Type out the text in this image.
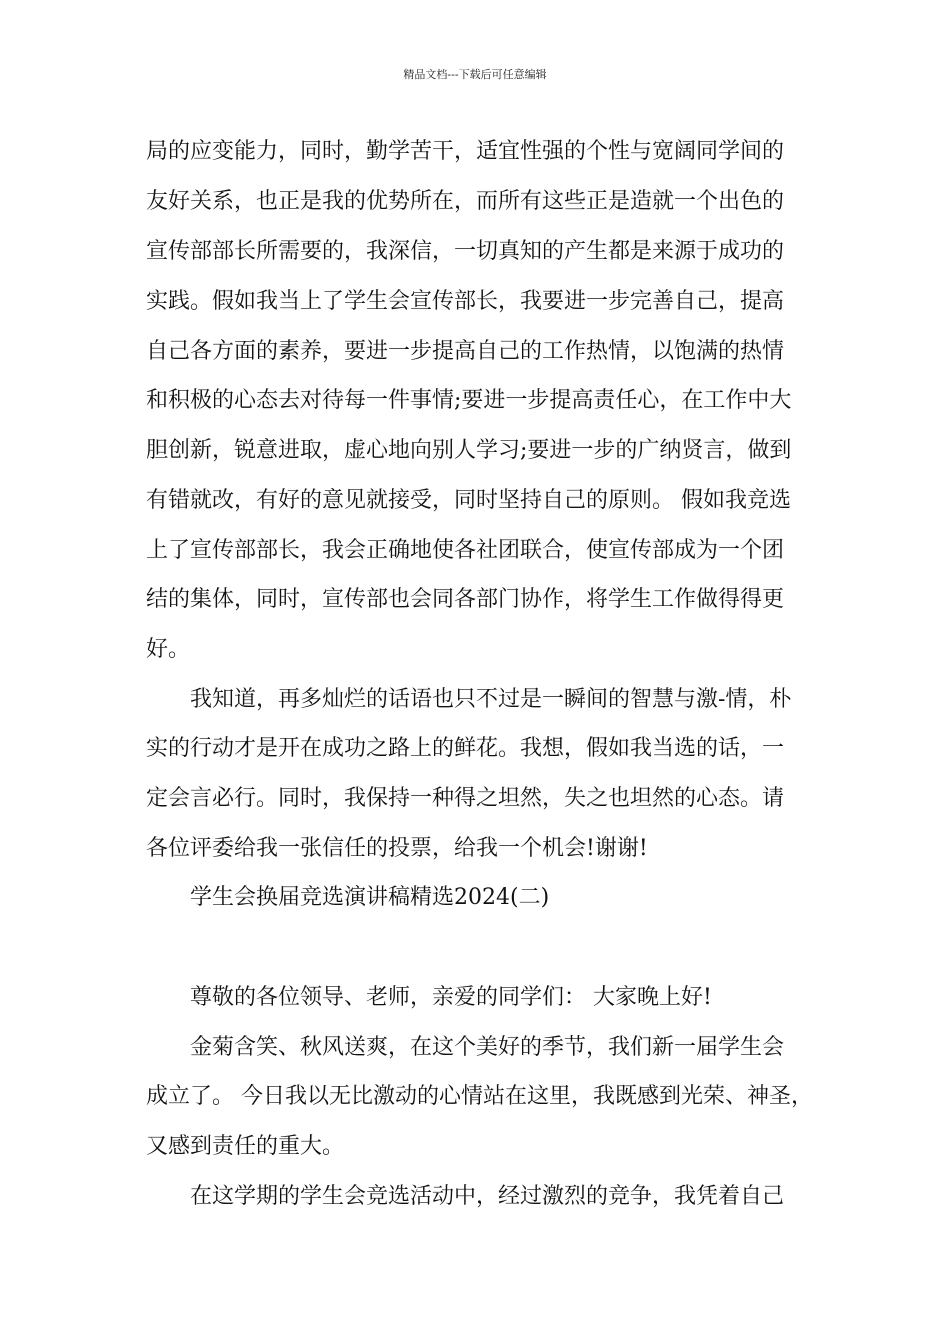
精品文档---下载后可任意编辑
局的应变能力，同时，勤学苦干，适宜性强的个性与宽阔同学间的
友好关系，也正是我的优势所在，而所有这些正是造就一个出色的
宣传部部长所需要的，我深信，一切真知的产生都是来源于成功的
实践。假如我当上了学生会宣传部长，我要进一步完善自己，提高
自己各方面的素养，要进一步提高自己的工作热情，以饱满的热情
和积极的心态去对待每一件事情;要进一步提高责任心，在工作中大
胆创新，锐意进取，虚心地向别人学习;要进一步的广纳贤言，做到
有错就改，有好的意见就接受，同时坚持自己的原则。 假如我竞选
上了宣传部部长，我会正确地使各社团联合，使宣传部成为一个团
结的集体，同时，宣传部也会同各部门协作，将学生工作做得得更
好。
我知道，再多灿烂的话语也只不过是一瞬间的智慧与激-情，朴
实的行动才是开在成功之路上的鲜花。我想，假如我当选的话，一
定会言必行。同时，我保持一种得之坦然，失之也坦然的心态。请
各位评委给我一张信任的投票，给我一个机会!谢谢!
学生会换届竞选演讲稿精选2024(二)
尊敬的各位领导、老师，亲爱的同学们： 大家晚上好!
金菊含笑、秋风送爽，在这个美好的季节，我们新一届学生会
成立了。 今日我以无比激动的心情站在这里，我既感到光荣、神圣，
又感到责任的重大。
在这学期的学生会竞选活动中，经过激烈的竞争，我凭着自己
